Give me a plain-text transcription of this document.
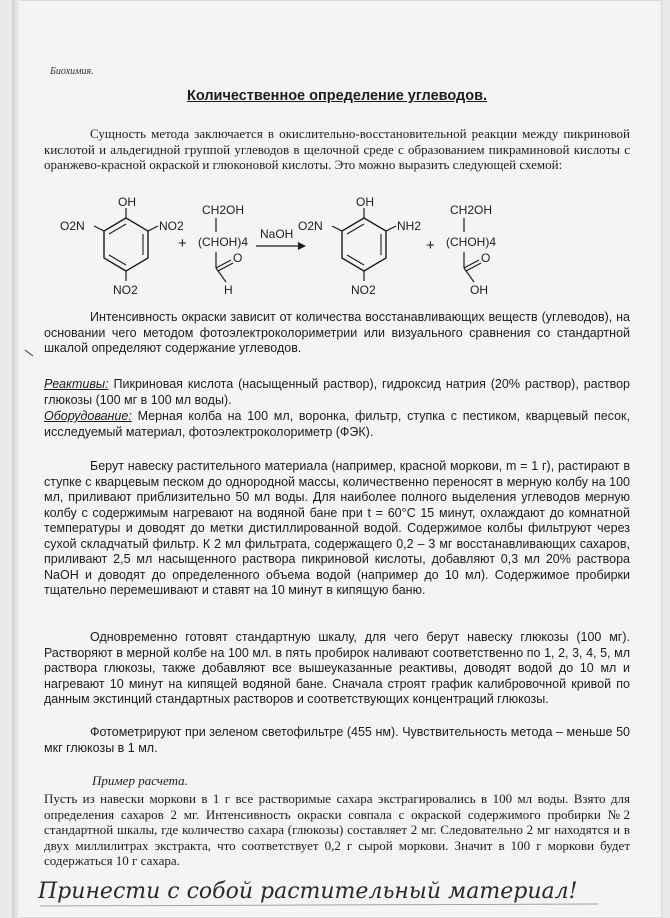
Биохимия.
Количественное определение углеводов.

Сущность метода заключается в окислительно-восстановительной реакции между пикриновой кислотой и альдегидной группой углеводов в щелочной среде с образованием пикраминовой кислоты с оранжево-красной окраской и глюконовой кислоты. Это можно выразить следующей схемой:

OH
O2N	NO2
NO2
+
CH2OH
(CHOH)4
O
H
NaOH
OH
O2N	NH2
NO2
+
CH2OH
(CHOH)4
O
OH

Интенсивность окраски зависит от количества восстанавливающих веществ (углеводов), на основании чего методом фотоэлектроколориметрии или визуального сравнения со стандартной шкалой определяют содержание углеводов.

Реактивы: Пикриновая кислота (насыщенный раствор), гидроксид натрия (20% раствор), раствор глюкозы (100 мг в 100 мл воды).

Оборудование: Мерная колба на 100 мл, воронка, фильтр, ступка с пестиком, кварцевый песок, исследуемый материал, фотоэлектроколориметр (ФЭК).

Берут навеску растительного материала (например, красной моркови, m = 1 г), растирают в ступке с кварцевым песком до однородной массы, количественно переносят в мерную колбу на 100 мл, приливают приблизительно 50 мл воды. Для наиболее полного выделения углеводов мерную колбу с содержимым нагревают на водяной бане при t = 60°C 15 минут, охлаждают до комнатной температуры и доводят до метки дистиллированной водой. Содержимое колбы фильтруют через сухой складчатый фильтр. К 2 мл фильтрата, содержащего 0,2 – 3 мг восстанавливающих сахаров, приливают 2,5 мл насыщенного раствора пикриновой кислоты, добавляют 0,3 мл 20% раствора NaOH и доводят до определенного объема водой (например до 10 мл). Содержимое пробирки тщательно перемешивают и ставят на 10 минут в кипящую баню.

Одновременно готовят стандартную шкалу, для чего берут навеску глюкозы (100 мг). Растворяют в мерной колбе на 100 мл. в пять пробирок наливают соответственно по 1, 2, 3, 4, 5, мл раствора глюкозы, также добавляют все вышеуказанные реактивы, доводят водой до 10 мл и нагревают 10 минут на кипящей водяной бане. Сначала строят график калибровочной кривой по данным экстинций стандартных растворов и соответствующих концентраций глюкозы.

Фотометрируют при зеленом светофильтре (455 нм). Чувствительность метода – меньше 50 мкг глюкозы в 1 мл.

Пример расчета.

Пусть из навески моркови в 1 г все растворимые сахара экстрагировались в 100 мл воды. Взято для определения сахаров 2 мг. Интенсивность окраски совпала с окраской содержимого пробирки №2 стандартной шкалы, где количество сахара (глюкозы) составляет 2 мг. Следовательно 2 мг находятся и в двух миллилитрах экстракта, что соответствует 0,2 г сырой моркови. Значит в 100 г моркови будет содержаться 10 г сахара.

Принести с собой растительный материал!
